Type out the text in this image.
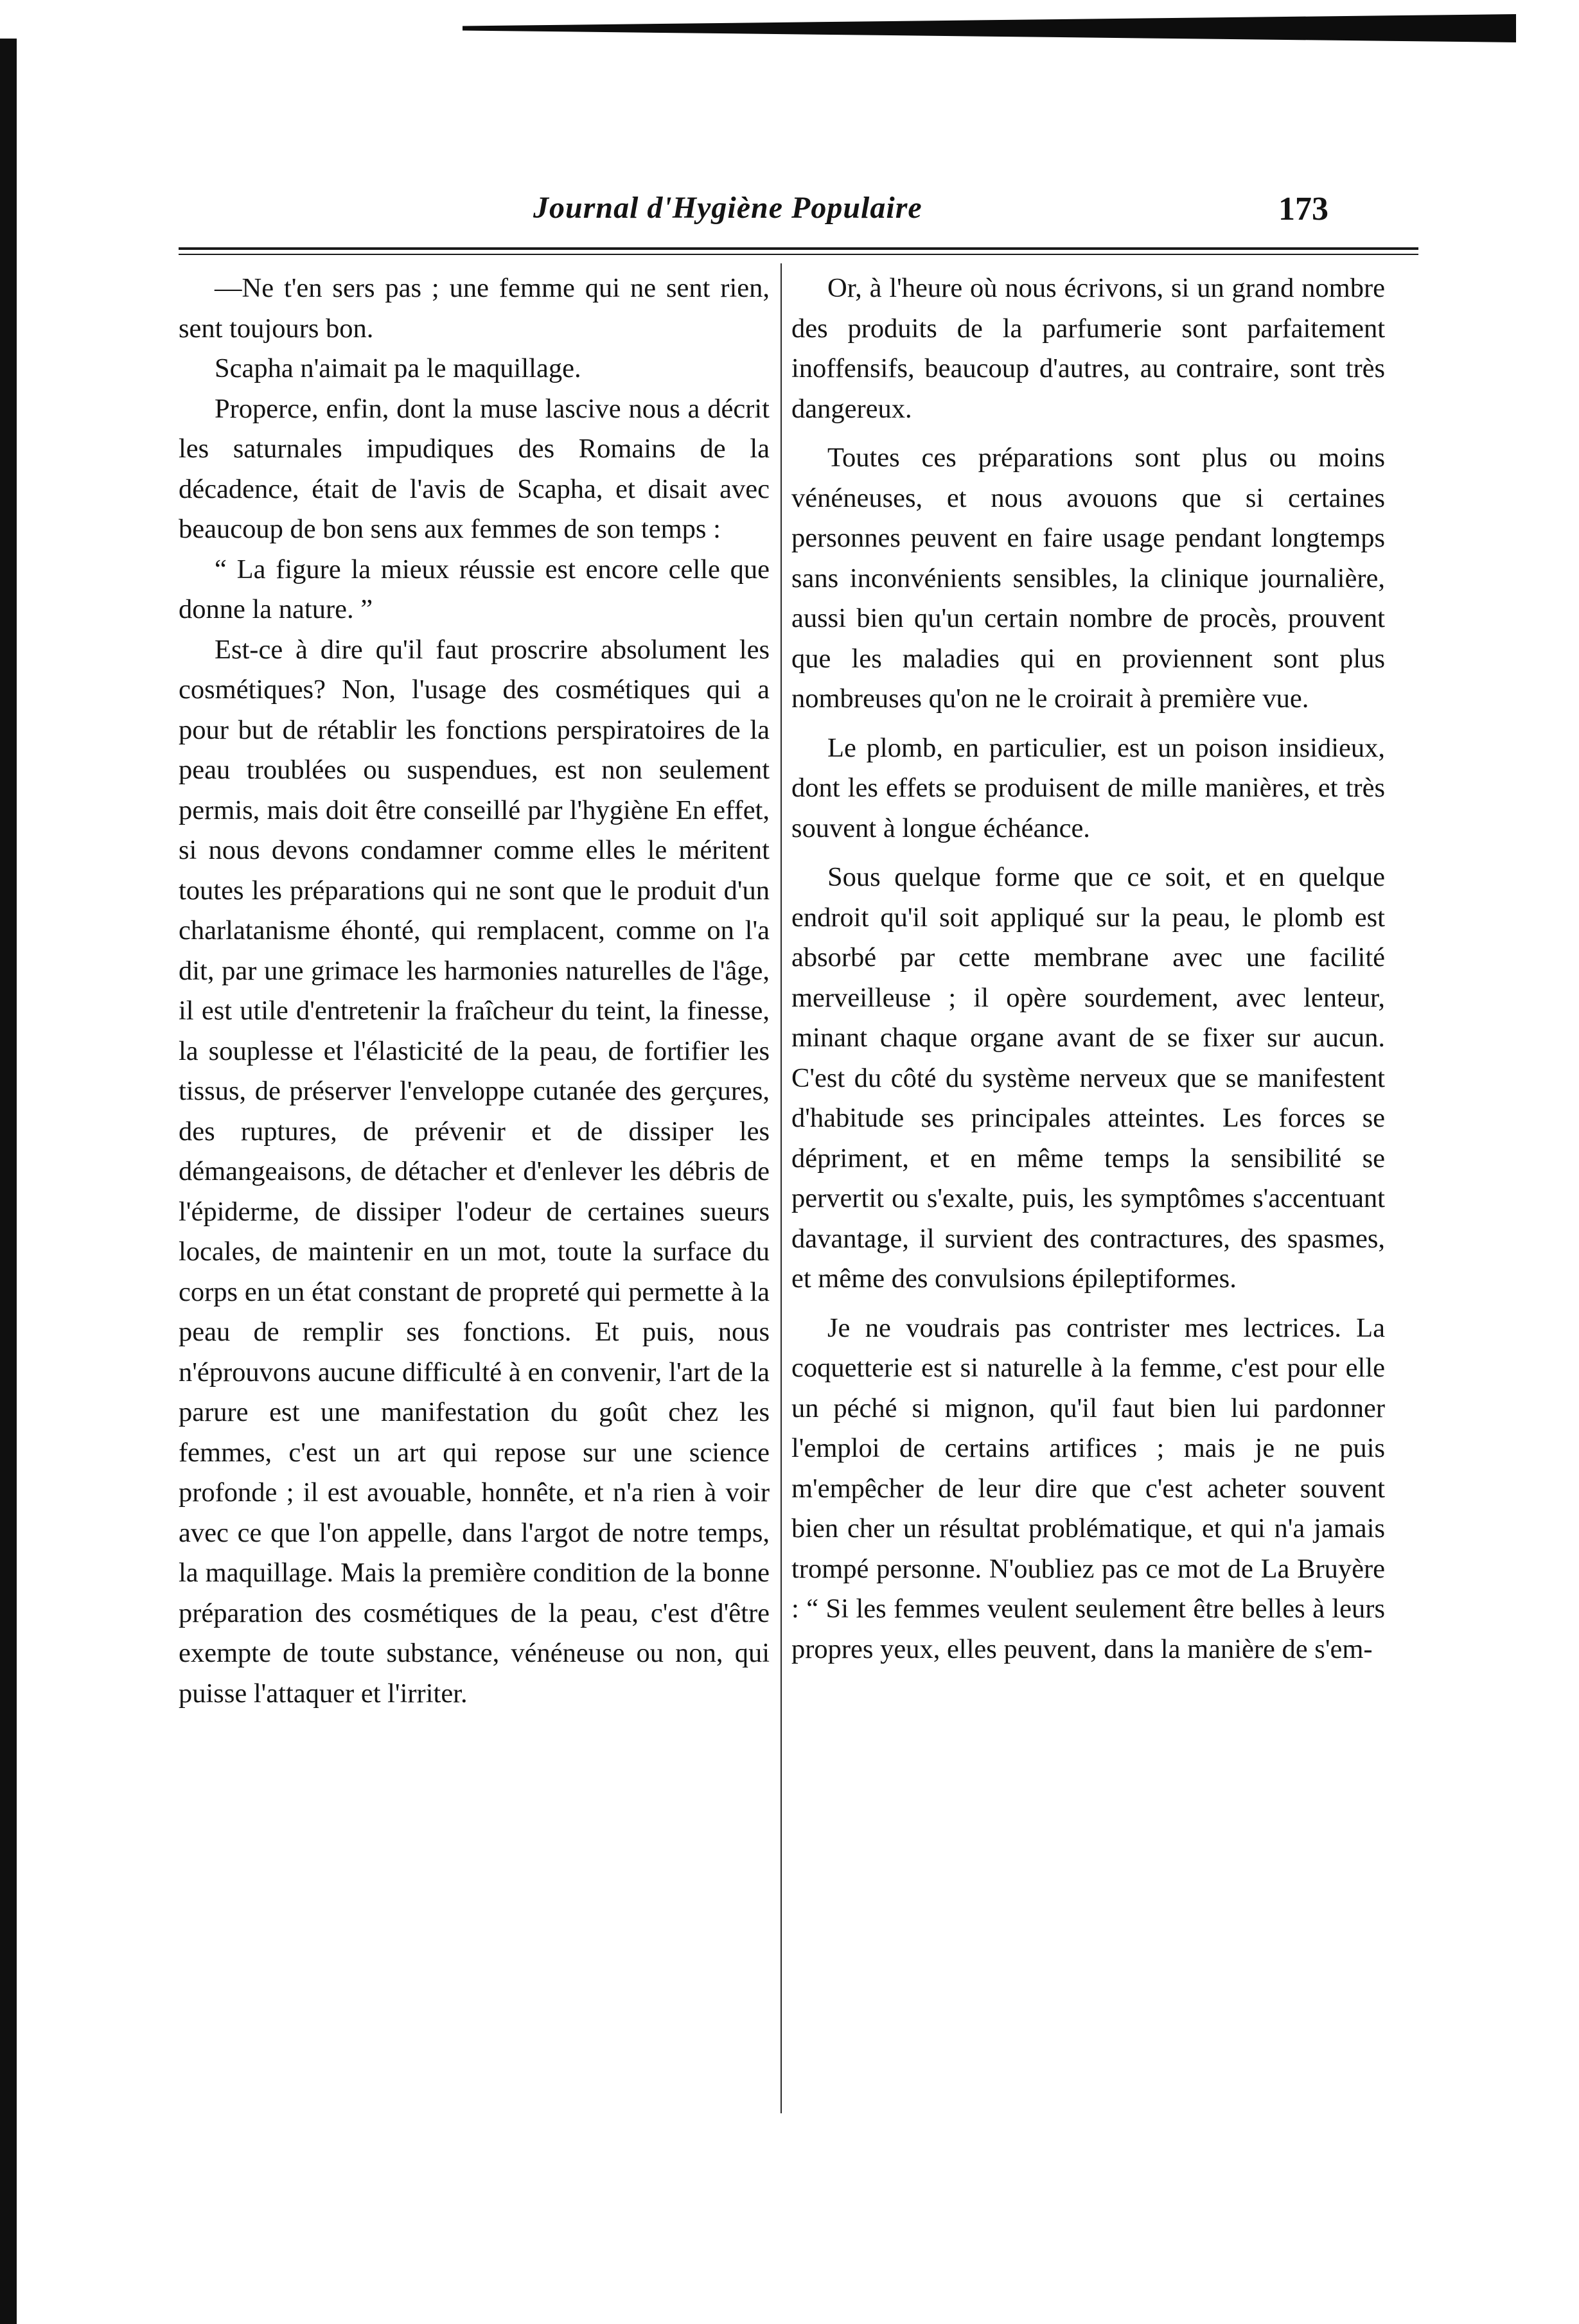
Journal d'Hygiène Populaire	173

—Ne t'en sers pas ; une femme qui ne sent rien, sent toujours bon.

Scapha n'aimait pa le maquillage.

Properce, enfin, dont la muse lascive nous a décrit les saturnales impudiques des Romains de la décadence, était de l'avis de Scapha, et disait avec beaucoup de bon sens aux femmes de son temps :

“ La figure la mieux réussie est encore celle que donne la nature. ”

Est-ce à dire qu'il faut proscrire absolument les cosmétiques? Non, l'usage des cosmétiques qui a pour but de rétablir les fonctions perspiratoires de la peau troublées ou suspendues, est non seulement permis, mais doit être conseillé par l'hygiène En effet, si nous devons condamner comme elles le méritent toutes les préparations qui ne sont que le produit d'un charlatanisme éhonté, qui remplacent, comme on l'a dit, par une grimace les harmonies naturelles de l'âge, il est utile d'entretenir la fraîcheur du teint, la finesse, la souplesse et l'élasticité de la peau, de fortifier les tissus, de préserver l'enveloppe cutanée des gerçures, des ruptures, de prévenir et de dissiper les démangeaisons, de détacher et d'enlever les débris de l'épiderme, de dissiper l'odeur de certaines sueurs locales, de maintenir en un mot, toute la surface du corps en un état constant de propreté qui permette à la peau de remplir ses fonctions. Et puis, nous n'éprouvons aucune difficulté à en convenir, l'art de la parure est une manifestation du goût chez les femmes, c'est un art qui repose sur une science profonde ; il est avouable, honnête, et n'a rien à voir avec ce que l'on appelle, dans l'argot de notre temps, la maquillage. Mais la première condition de la bonne préparation des cosmétiques de la peau, c'est d'être exempte de toute substance, vénéneuse ou non, qui puisse l'attaquer et l'irriter.

Or, à l'heure où nous écrivons, si un grand nombre des produits de la parfumerie sont parfaitement inoffensifs, beaucoup d'autres, au contraire, sont très dangereux.

Toutes ces préparations sont plus ou moins vénéneuses, et nous avouons que si certaines personnes peuvent en faire usage pendant longtemps sans inconvénients sensibles, la clinique journalière, aussi bien qu'un certain nombre de procès, prouvent que les maladies qui en proviennent sont plus nombreuses qu'on ne le croirait à première vue.

Le plomb, en particulier, est un poison insidieux, dont les effets se produisent de mille manières, et très souvent à longue échéance.

Sous quelque forme que ce soit, et en quelque endroit qu'il soit appliqué sur la peau, le plomb est absorbé par cette membrane avec une facilité merveilleuse ; il opère sourdement, avec lenteur, minant chaque organe avant de se fixer sur aucun. C'est du côté du système nerveux que se manifestent d'habitude ses principales atteintes. Les forces se dépriment, et en même temps la sensibilité se pervertit ou s'exalte, puis, les symptômes s'accentuant davantage, il survient des contractures, des spasmes, et même des convulsions épileptiformes.

Je ne voudrais pas contrister mes lectrices. La coquetterie est si naturelle à la femme, c'est pour elle un péché si mignon, qu'il faut bien lui pardonner l'emploi de certains artifices ; mais je ne puis m'empêcher de leur dire que c'est acheter souvent bien cher un résultat problématique, et qui n'a jamais trompé personne. N'oubliez pas ce mot de La Bruyère : “ Si les femmes veulent seulement être belles à leurs propres yeux, elles peuvent, dans la manière de s'em-
